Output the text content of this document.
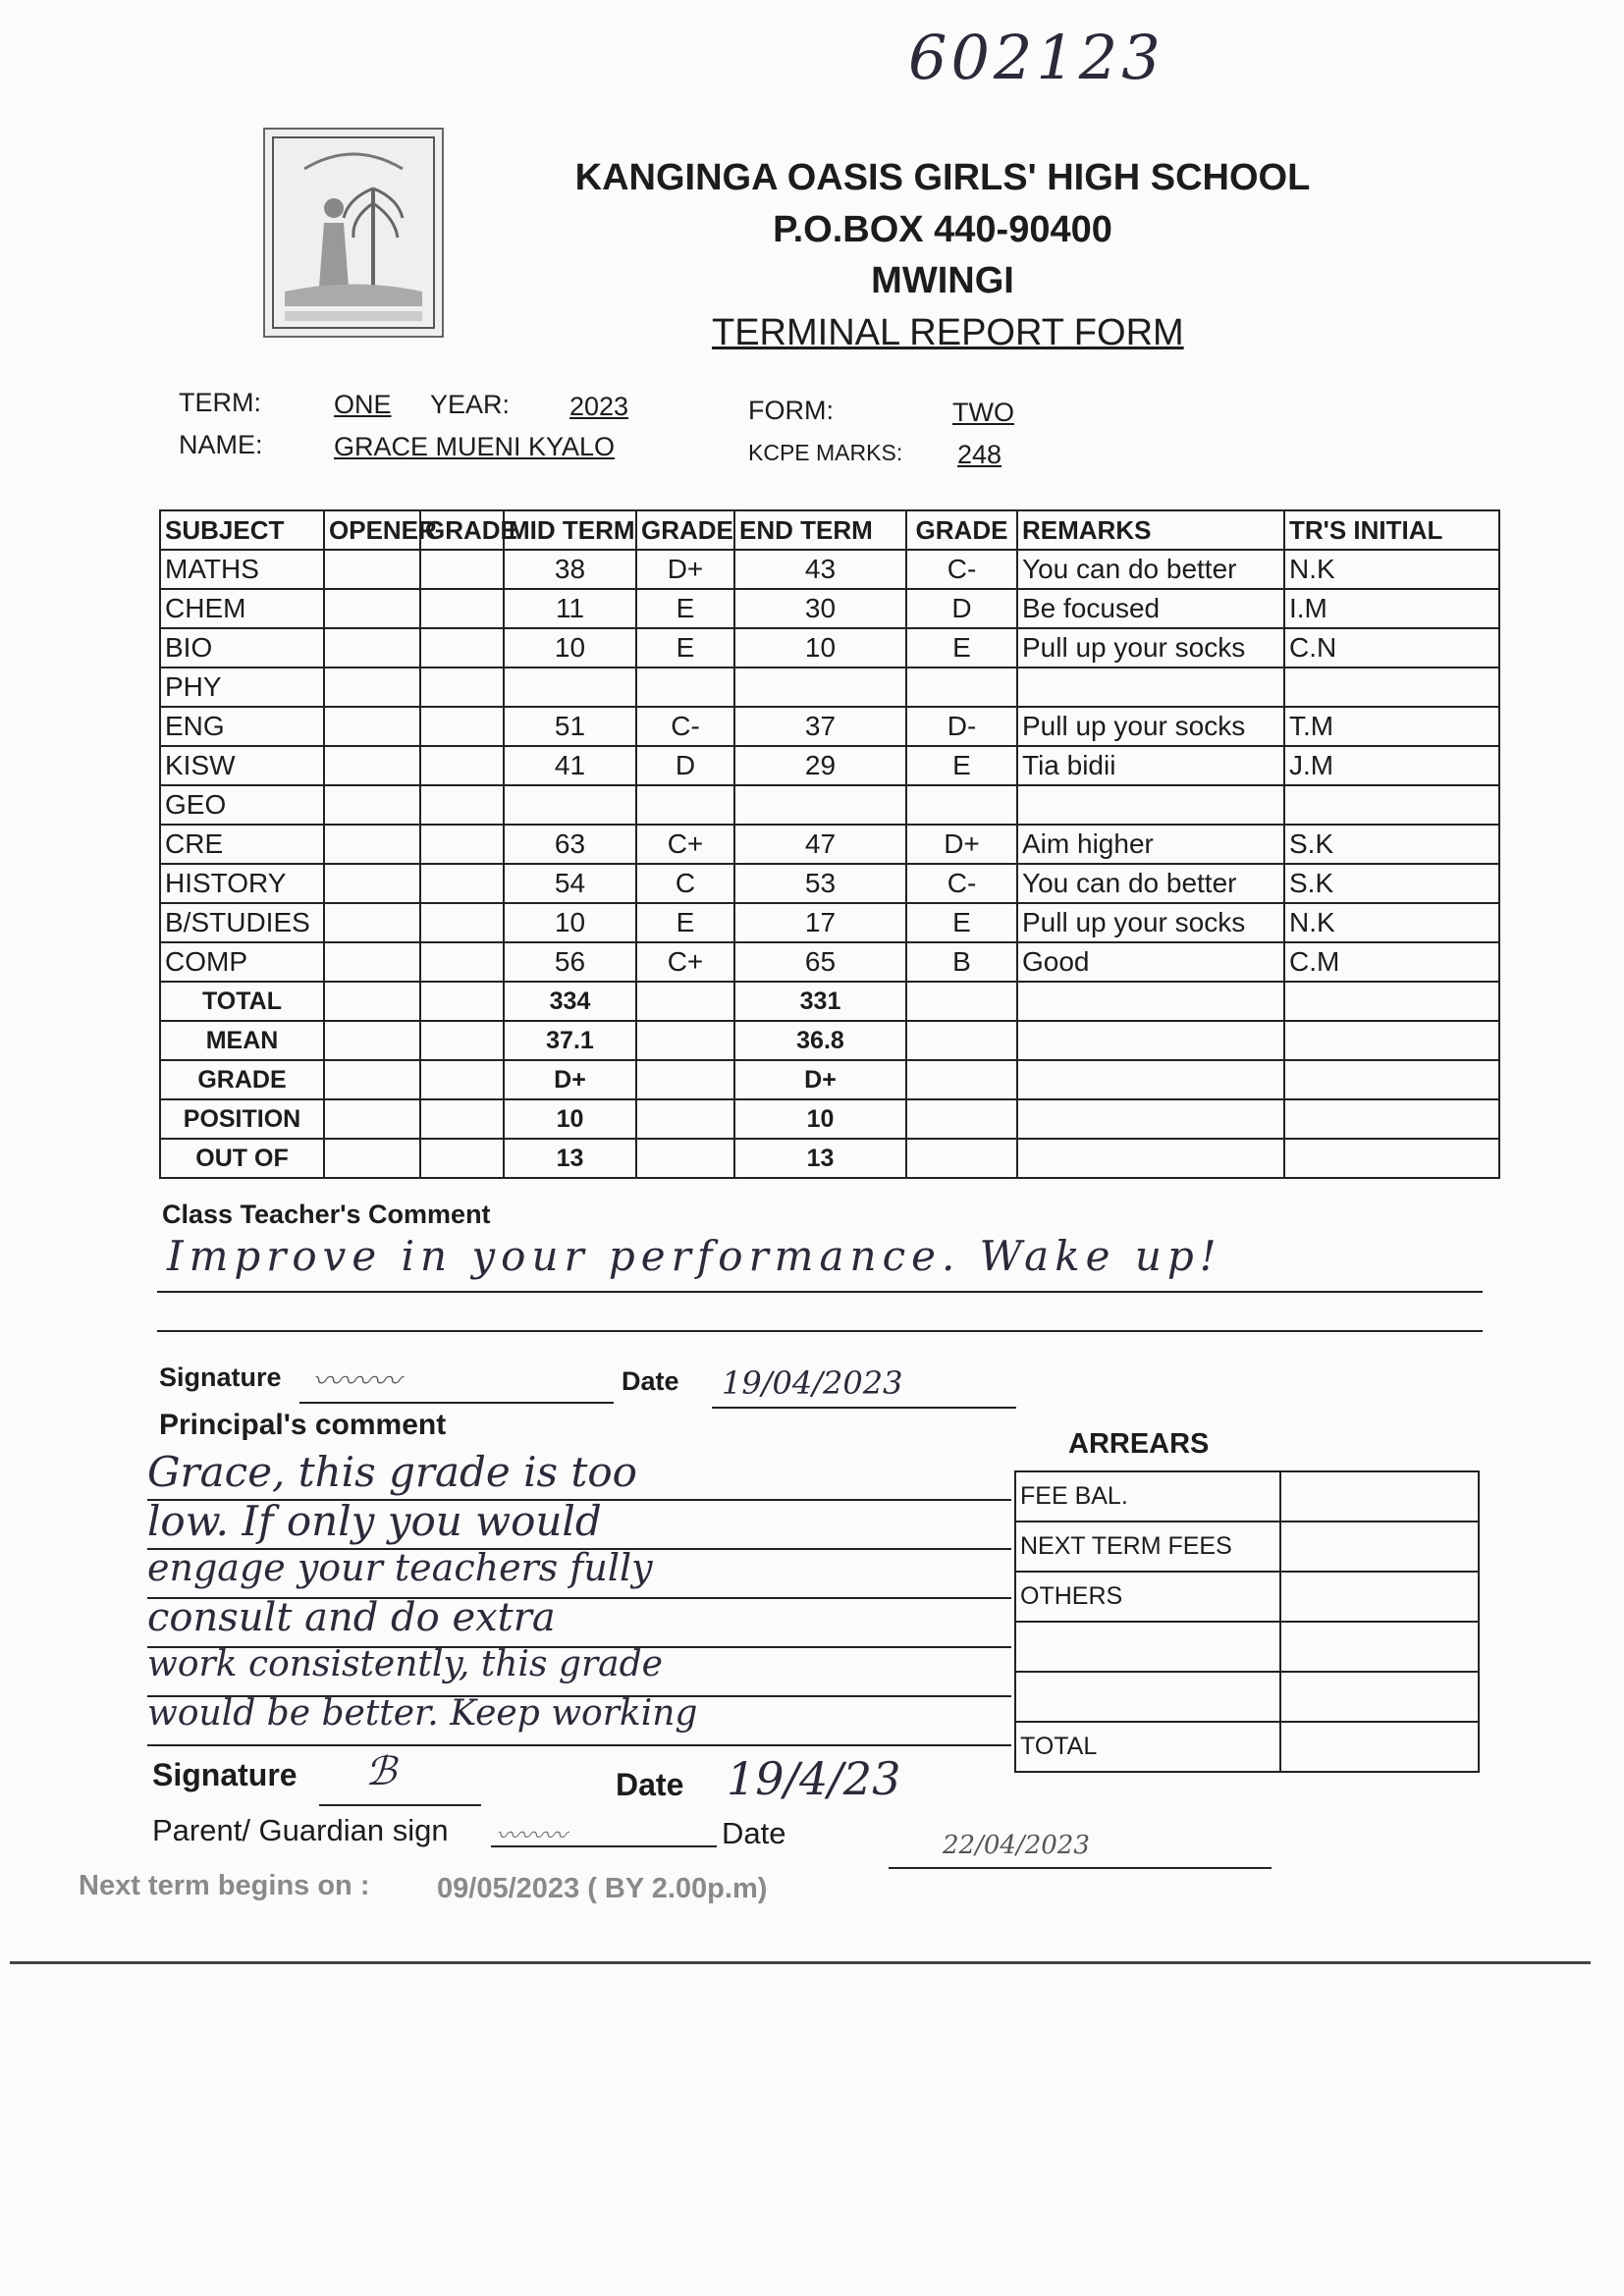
602123
KANGINGA OASIS GIRLS' HIGH SCHOOL
P.O.BOX 440-90400
MWINGI
TERMINAL REPORT FORM
TERM:	ONE YEAR: 2023	FORM:	TWO
NAME:	GRACE MUENI KYALO	KCPE MARKS: 248
SUBJECT	OPENER	GRADE	MID TERM	GRADE	END TERM	GRADE	REMARKS	TR'S INITIAL
MATHS			38	D+	43	C-	You can do better	N.K
CHEM			11	E	30	D	Be focused	I.M
BIO			10	E	10	E	Pull up your socks	C.N
PHY								
ENG			51	C-	37	D-	Pull up your socks	T.M
KISW			41	D	29	E	Tia bidii	J.M
GEO								
CRE			63	C+	47	D+	Aim higher	S.K
HISTORY			54	C	53	C-	You can do better	S.K
B/STUDIES			10	E	17	E	Pull up your socks	N.K
COMP			56	C+	65	B	Good	C.M
TOTAL			334		331			
MEAN			37.1		36.8			
GRADE			D+		D+			
POSITION			10		10			
OUT OF			13		13			
Class Teacher's Comment
Improve in your performance. Wake up!
Signature 〰〰〰	Date 19/04/2023
Principal's comment
Grace, this grade is too
low. If only you would
engage your teachers fully
consult and do extra
work consistently, this grade
would be better. Keep working
ARREARS
FEE BAL.	
NEXT TERM FEES	
OTHERS	

TOTAL	
Signature ℬ	Date 19/4/23
Parent/ Guardian sign 〰〰〰	Date	22/04/2023
Next term begins on : 09/05/2023 ( BY 2.00p.m)
